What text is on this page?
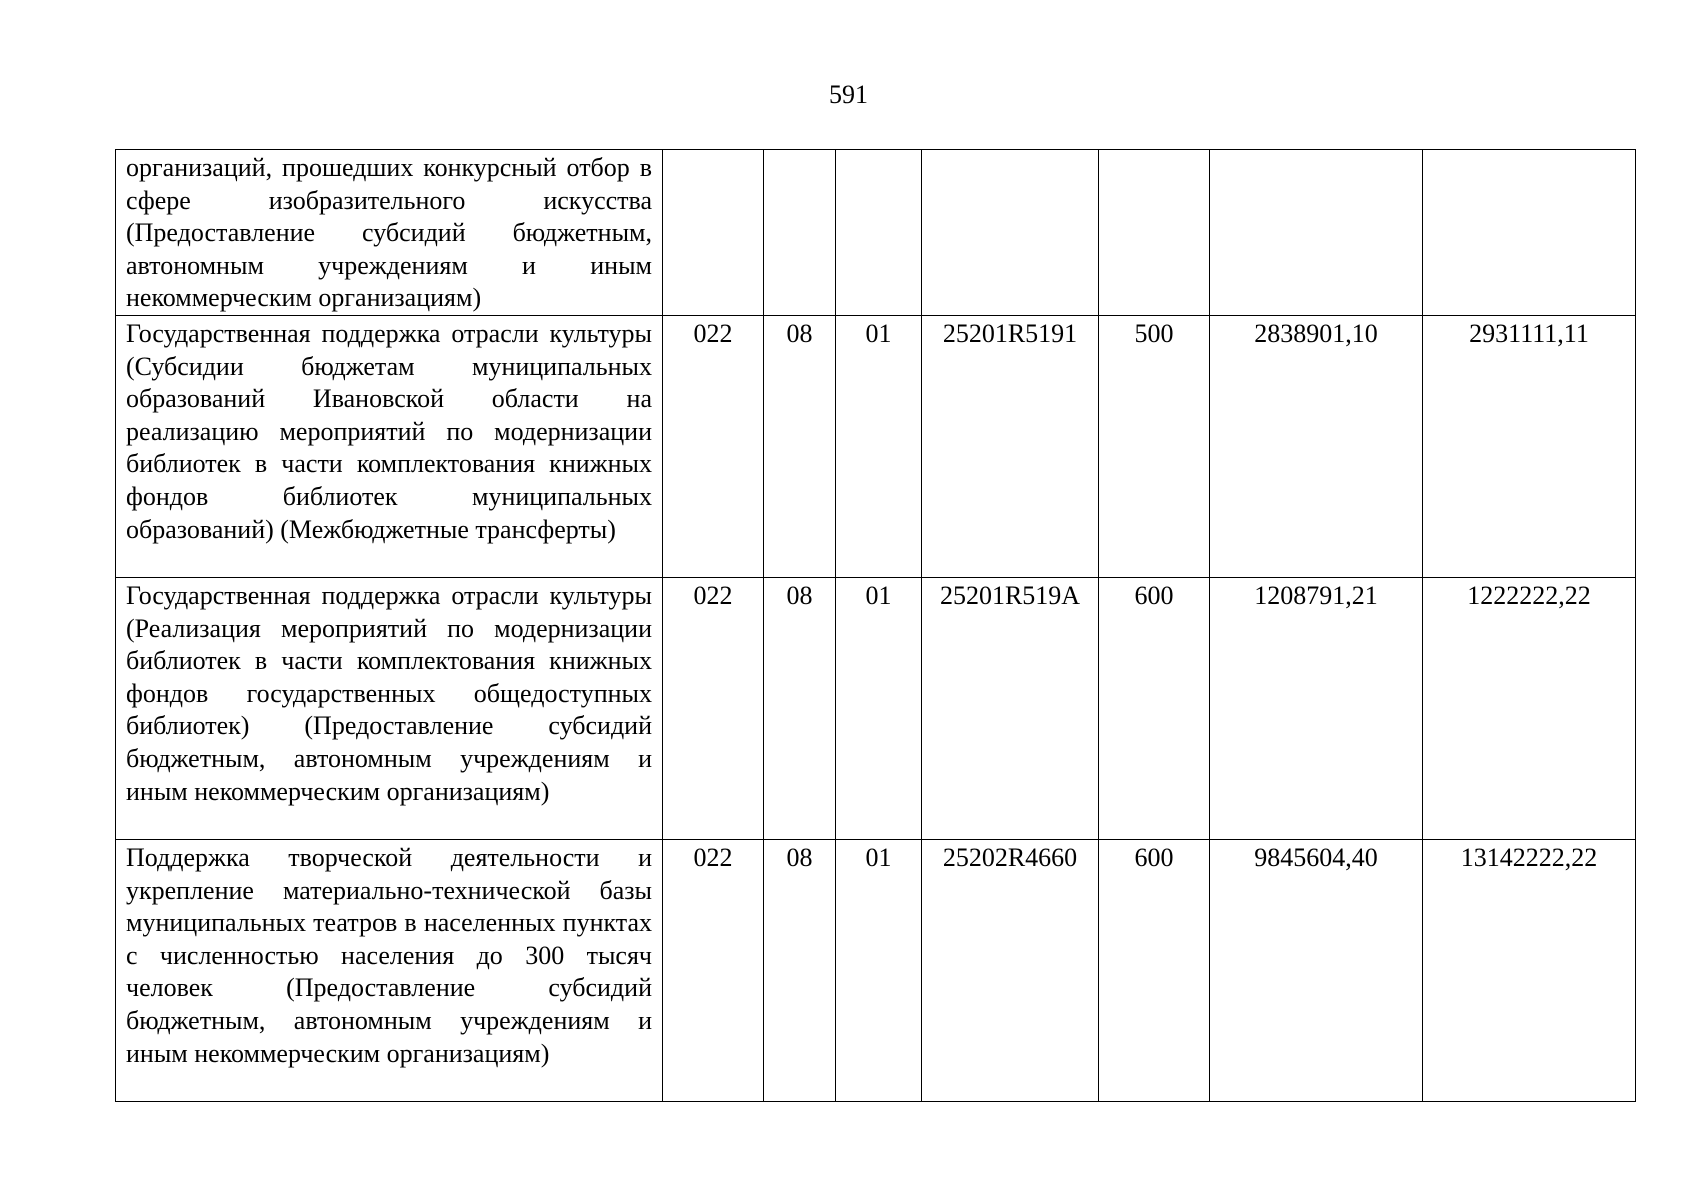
591
организаций, прошедших конкурсный отбор в сфере изобразительного искусства (Предоставление субсидий бюджетным, автономным учреждениям и иным некоммерческим организациям)							
Государственная поддержка отрасли культуры (Субсидии бюджетам муниципальных образований Ивановской области на реализацию мероприятий по модернизации библиотек в части комплектования книжных фондов библиотек муниципальных образований) (Межбюджетные трансферты)	022	08	01	25201R5191	500	2838901,10	2931111,11
Государственная поддержка отрасли культуры (Реализация мероприятий по модернизации библиотек в части комплектования книжных фондов государственных общедоступных библиотек) (Предоставление субсидий бюджетным, автономным учреждениям и иным некоммерческим организациям)	022	08	01	25201R519A	600	1208791,21	1222222,22
Поддержка творческой деятельности и укрепление материально-технической базы муниципальных театров в населенных пунктах с численностью населения до 300 тысяч человек (Предоставление субсидий бюджетным, автономным учреждениям и иным некоммерческим организациям)	022	08	01	25202R4660	600	9845604,40	13142222,22
